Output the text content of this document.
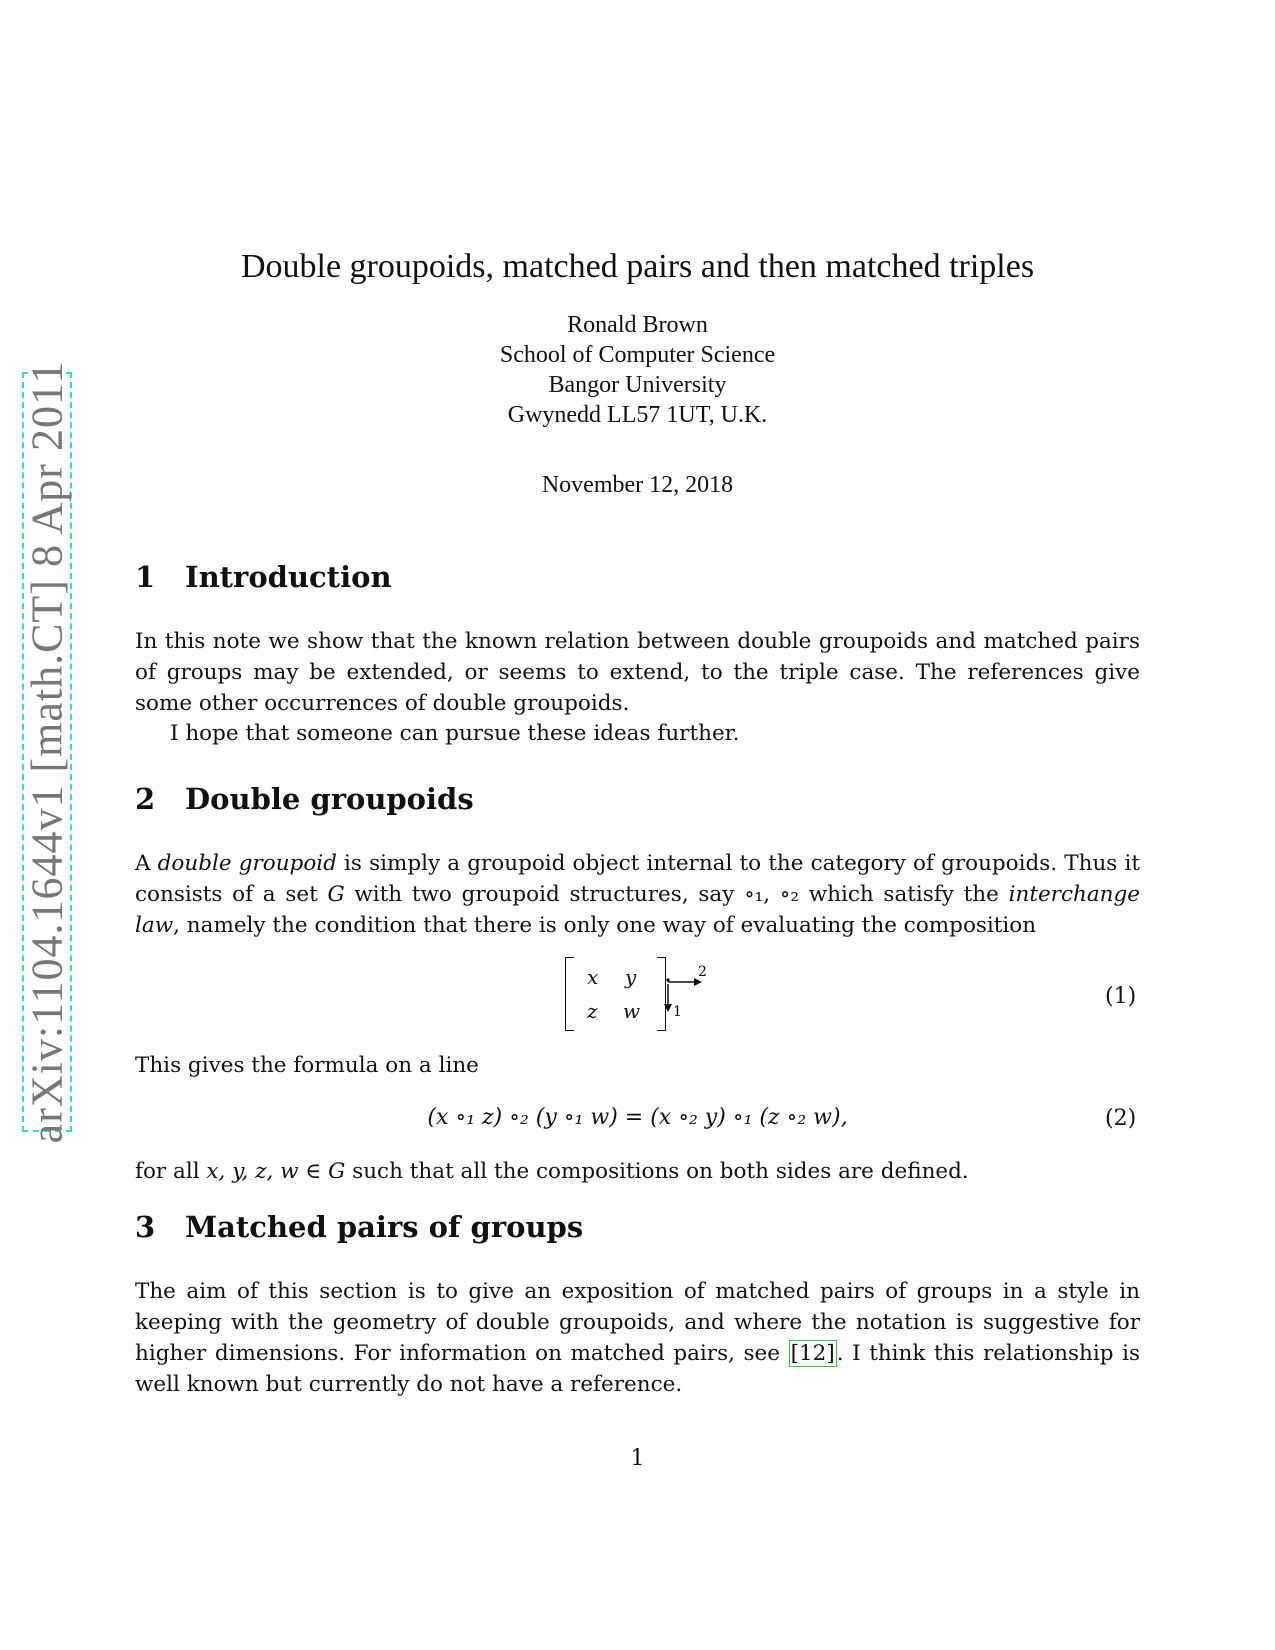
arXiv:1104.1644v1 [math.CT] 8 Apr 2011
Double groupoids, matched pairs and then matched triples
Ronald Brown
School of Computer Science
Bangor University
Gwynedd LL57 1UT, U.K.
November 12, 2018
1 Introduction

In this note we show that the known relation between double groupoids and matched pairs of groups may be extended, or seems to extend, to the triple case. The references give some other occurrences of double groupoids.

I hope that someone can pursue these ideas further.

2 Double groupoids

A double groupoid is simply a groupoid object internal to the category of groupoids. Thus it consists of a set G with two groupoid structures, say ∘₁, ∘₂ which satisfy the interchange law, namely the condition that there is only one way of evaluating the composition

x y
z w
2
1
(1)

This gives the formula on a line

(x ∘₁ z) ∘₂ (y ∘₁ w) = (x ∘₂ y) ∘₁ (z ∘₂ w),	(2)

for all x, y, z, w ∈ G such that all the compositions on both sides are defined.

3 Matched pairs of groups

The aim of this section is to give an exposition of matched pairs of groups in a style in keeping with the geometry of double groupoids, and where the notation is suggestive for higher dimensions. For information on matched pairs, see [12]. I think this relationship is well known but currently do not have a reference.

1
